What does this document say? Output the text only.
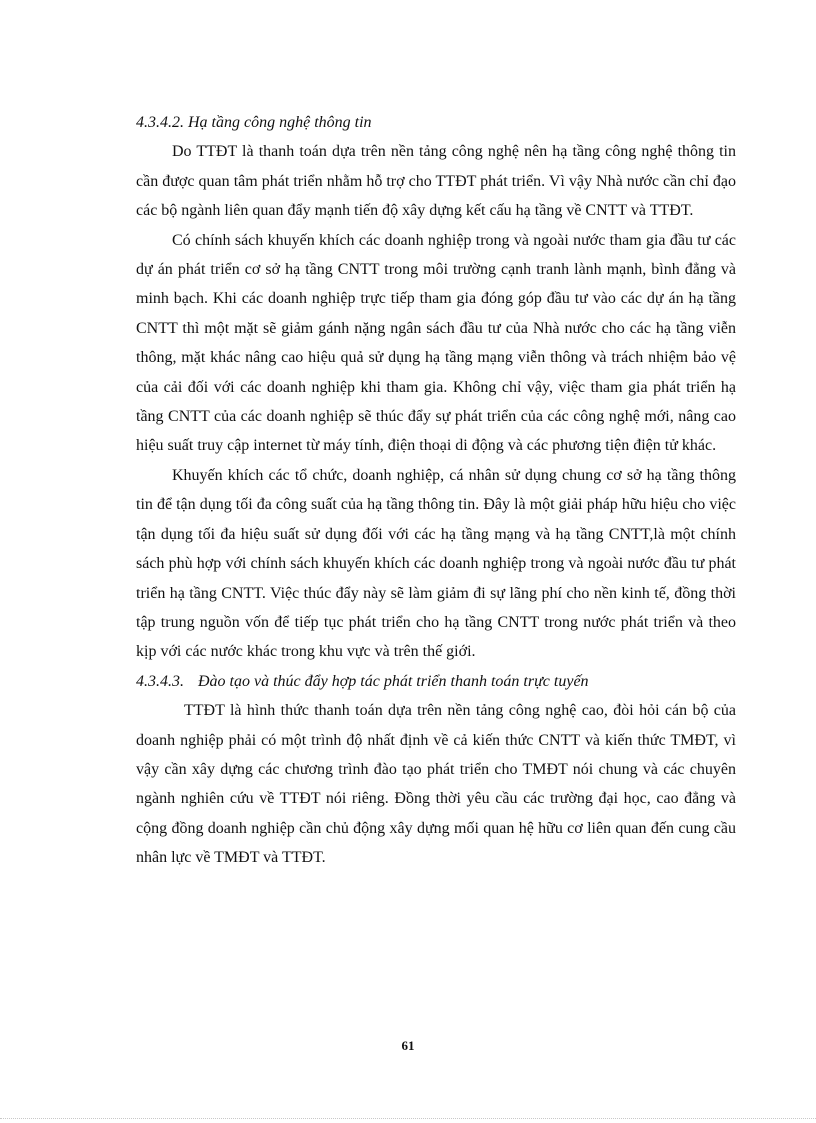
4.3.4.2. Hạ tầng công nghệ thông tin

Do TTĐT là thanh toán dựa trên nền tảng công nghệ nên hạ tầng công nghệ thông tin cần được quan tâm phát triển nhằm hỗ trợ cho TTĐT phát triển. Vì vậy Nhà nước cần chỉ đạo các bộ ngành liên quan đẩy mạnh tiến độ xây dựng kết cấu hạ tầng về CNTT và TTĐT.

Có chính sách khuyến khích các doanh nghiệp trong và ngoài nước tham gia đầu tư các dự án phát triển cơ sở hạ tầng CNTT trong môi trường cạnh tranh lành mạnh, bình đẳng và minh bạch. Khi các doanh nghiệp trực tiếp tham gia đóng góp đầu tư vào các dự án hạ tầng CNTT thì một mặt sẽ giảm gánh nặng ngân sách đầu tư của Nhà nước cho các hạ tầng viễn thông, mặt khác nâng cao hiệu quả sử dụng hạ tầng mạng viễn thông và trách nhiệm bảo vệ của cải đối với các doanh nghiệp khi tham gia. Không chỉ vậy, việc tham gia phát triển hạ tầng CNTT của các doanh nghiệp sẽ thúc đẩy sự phát triển của các công nghệ mới, nâng cao hiệu suất truy cập internet từ máy tính, điện thoại di động và các phương tiện điện tử khác.

Khuyến khích các tổ chức, doanh nghiệp, cá nhân sử dụng chung cơ sở hạ tầng thông tin để tận dụng tối đa công suất của hạ tầng thông tin. Đây là một giải pháp hữu hiệu cho việc tận dụng tối đa hiệu suất sử dụng đối với các hạ tầng mạng và hạ tầng CNTT,là một chính sách phù hợp với chính sách khuyến khích các doanh nghiệp trong và ngoài nước đầu tư phát triển hạ tầng CNTT. Việc thúc đẩy này sẽ làm giảm đi sự lãng phí cho nền kinh tế, đồng thời tập trung nguồn vốn để tiếp tục phát triển cho hạ tầng CNTT trong nước phát triển và theo kịp với các nước khác trong khu vực và trên thế giới.

4.3.4.3. Đào tạo và thúc đẩy hợp tác phát triển thanh toán trực tuyến

TTĐT là hình thức thanh toán dựa trên nền tảng công nghệ cao, đòi hỏi cán bộ của doanh nghiệp phải có một trình độ nhất định về cả kiến thức CNTT và kiến thức TMĐT, vì vậy cần xây dựng các chương trình đào tạo phát triển cho TMĐT nói chung và các chuyên ngành nghiên cứu về TTĐT nói riêng. Đồng thời yêu cầu các trường đại học, cao đẳng và cộng đồng doanh nghiệp cần chủ động xây dựng mối quan hệ hữu cơ liên quan đến cung cầu nhân lực về TMĐT và TTĐT.

61
